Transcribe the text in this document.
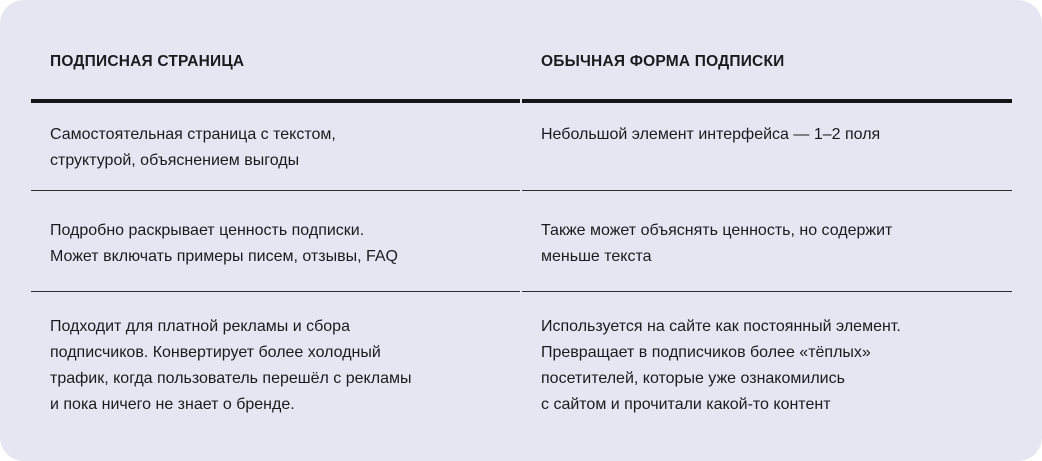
ПОДПИСНАЯ СТРАНИЦА
Самостоятельная страница с текстом,
структурой, объяснением выгоды
Подробно раскрывает ценность подписки.
Может включать примеры писем, отзывы, FAQ
Подходит для платной рекламы и сбора
подписчиков. Конвертирует более холодный
трафик, когда пользователь перешёл с рекламы
и пока ничего не знает о бренде.
ОБЫЧНАЯ ФОРМА ПОДПИСКИ
Небольшой элемент интерфейса — 1–2 поля
Также может объяснять ценность, но содержит
меньше текста
Используется на сайте как постоянный элемент.
Превращает в подписчиков более «тёплых»
посетителей, которые уже ознакомились
с сайтом и прочитали какой-то контент
